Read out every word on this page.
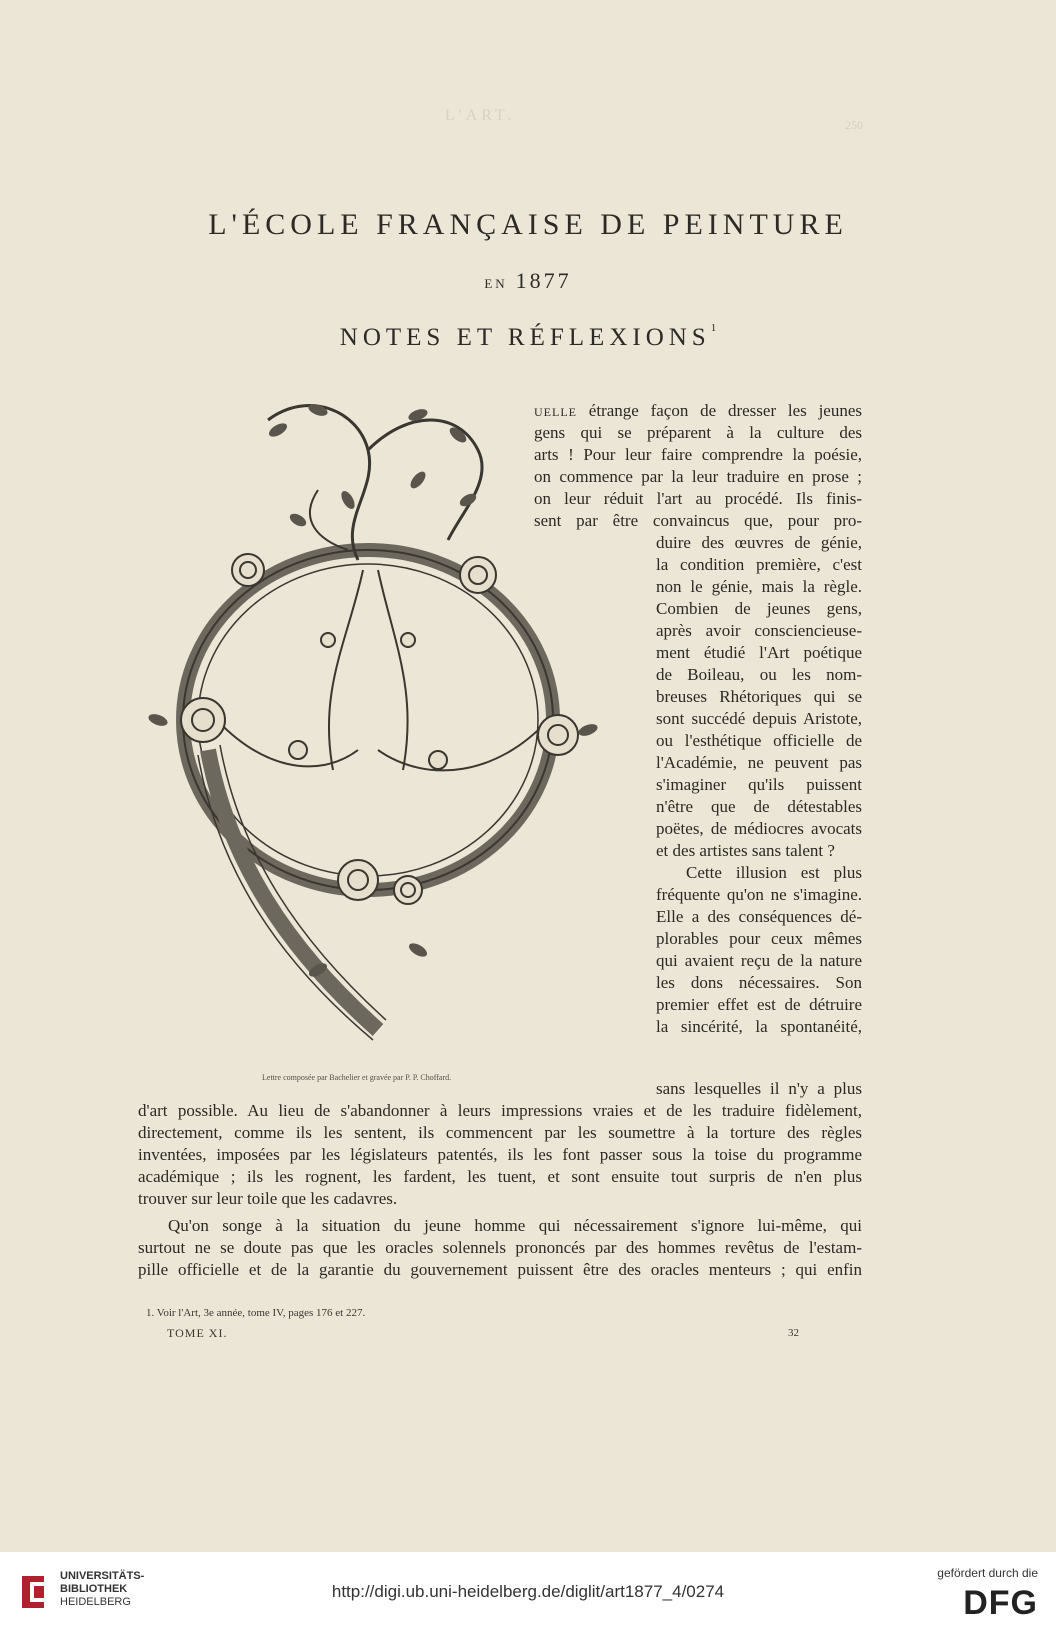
L'ART.
250
L'ÉCOLE FRANÇAISE DE PEINTURE
EN 1877
NOTES ET RÉFLEXIONS$^1$
Lettre composée par Bachelier et gravée par P. P. Choffard.
UELLE étrange façon de dresser les jeunes
gens qui se préparent à la culture des
arts ! Pour leur faire comprendre la poésie,
on commence par la leur traduire en prose ;
on leur réduit l'art au procédé. Ils finis-
sent par être convaincus que, pour pro-
duire des œuvres de génie,
la condition première, c'est
non le génie, mais la règle.
Combien de jeunes gens,
après avoir consciencieuse-
ment étudié l'Art poétique
de Boileau, ou les nom-
breuses Rhétoriques qui se
sont succédé depuis Aristote,
ou l'esthétique officielle de
l'Académie, ne peuvent pas
s'imaginer qu'ils puissent
n'être que de détestables
poëtes, de médiocres avocats
et des artistes sans talent ?
Cette illusion est plus
fréquente qu'on ne s'imagine.
Elle a des conséquences dé-
plorables pour ceux mêmes
qui avaient reçu de la nature
les dons nécessaires. Son
premier effet est de détruire
la sincérité, la spontanéité,
sans lesquelles il n'y a plus
d'art possible. Au lieu de s'abandonner à leurs impressions vraies et de les traduire fidèlement,
directement, comme ils les sentent, ils commencent par les soumettre à la torture des règles
inventées, imposées par les législateurs patentés, ils les font passer sous la toise du programme
académique ; ils les rognent, les fardent, les tuent, et sont ensuite tout surpris de n'en plus
trouver sur leur toile que les cadavres.
Qu'on songe à la situation du jeune homme qui nécessairement s'ignore lui-même, qui
surtout ne se doute pas que les oracles solennels prononcés par des hommes revêtus de l'estam-
pille officielle et de la garantie du gouvernement puissent être des oracles menteurs ; qui enfin
1. Voir l'Art, 3e année, tome IV, pages 176 et 227.
TOME XI.	32
UNIVERSITÄTS-
BIBLIOTHEK
HEIDELBERG
http://digi.ub.uni-heidelberg.de/diglit/art1877_4/0274
gefördert durch die
DFG
